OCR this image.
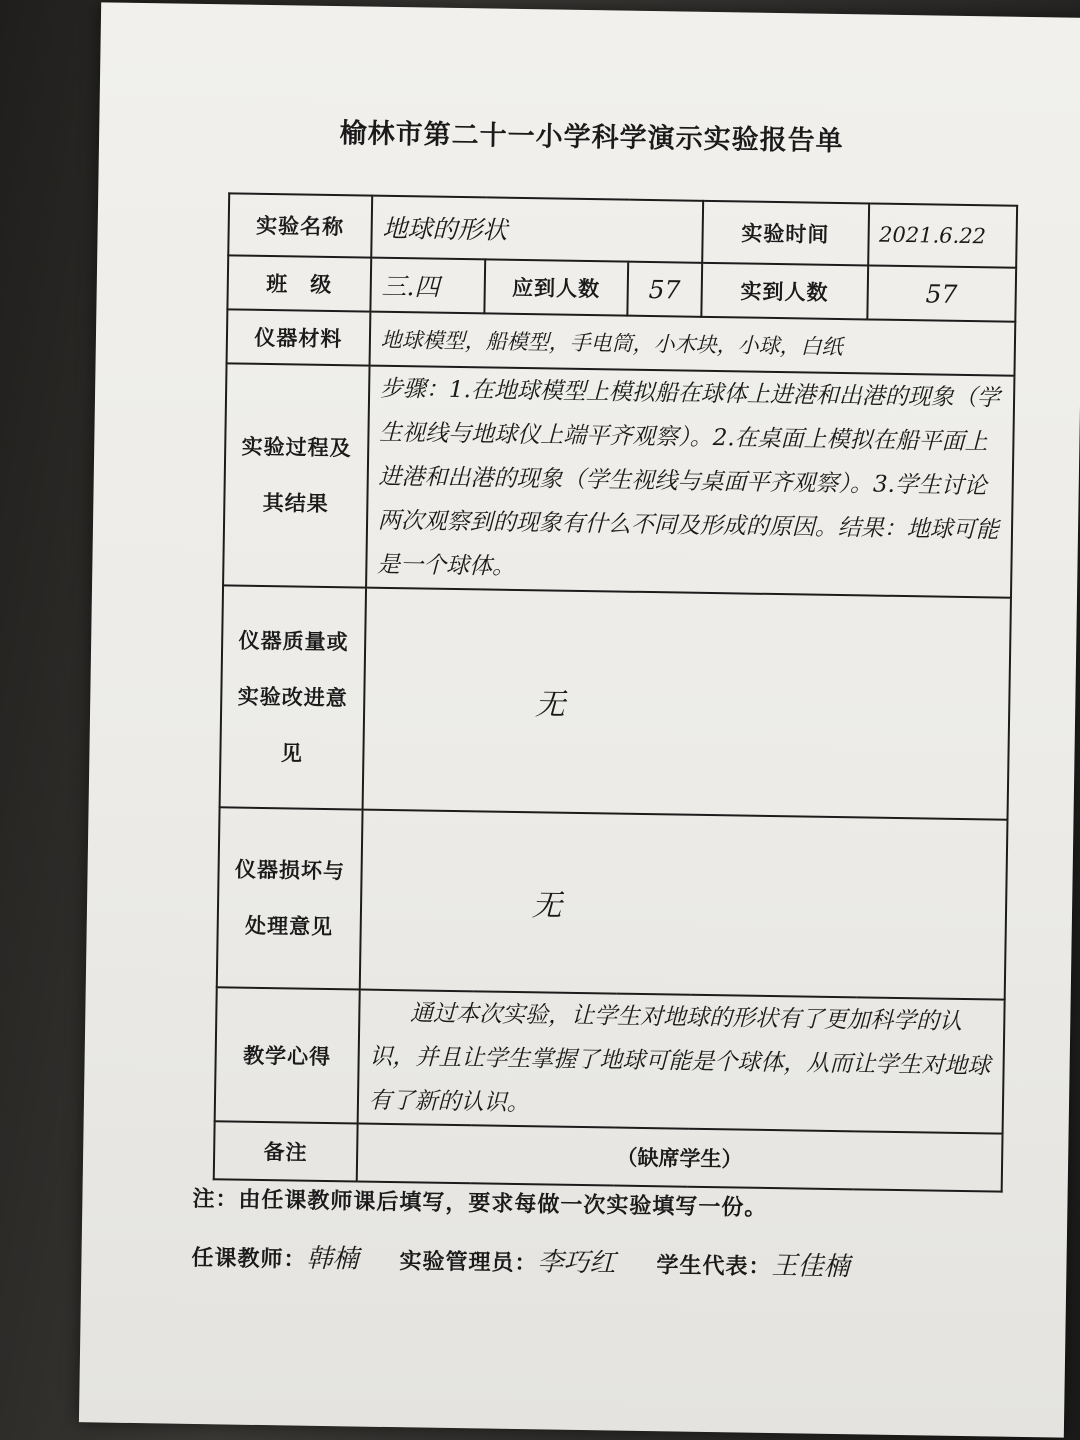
榆林市第二十一小学科学演示实验报告单
实验名称	地球的形状			实验时间	2021.6.22
班　级	三.四	应到人数	57	实到人数	57
仪器材料	地球模型，船模型，手电筒，小木块，小球，白纸				
实验过程及其结果	步骤：1.在地球模型上模拟船在球体上进港和出港的现象（学生视线与地球仪上端平齐观察）。2.在桌面上模拟在船平面上进港和出港的现象（学生视线与桌面平齐观察）。3.学生讨论两次观察到的现象有什么不同及形成的原因。结果：地球可能是一个球体。				
仪器质量或实验改进意见	无				
仪器损坏与处理意见	无				
教学心得	通过本次实验，让学生对地球的形状有了更加科学的认识，并且让学生掌握了地球可能是个球体，从而让学生对地球有了新的认识。				
备注	（缺席学生）				
注：由任课教师课后填写，要求每做一次实验填写一份。
任课教师：韩楠 实验管理员：李巧红 学生代表：王佳楠
